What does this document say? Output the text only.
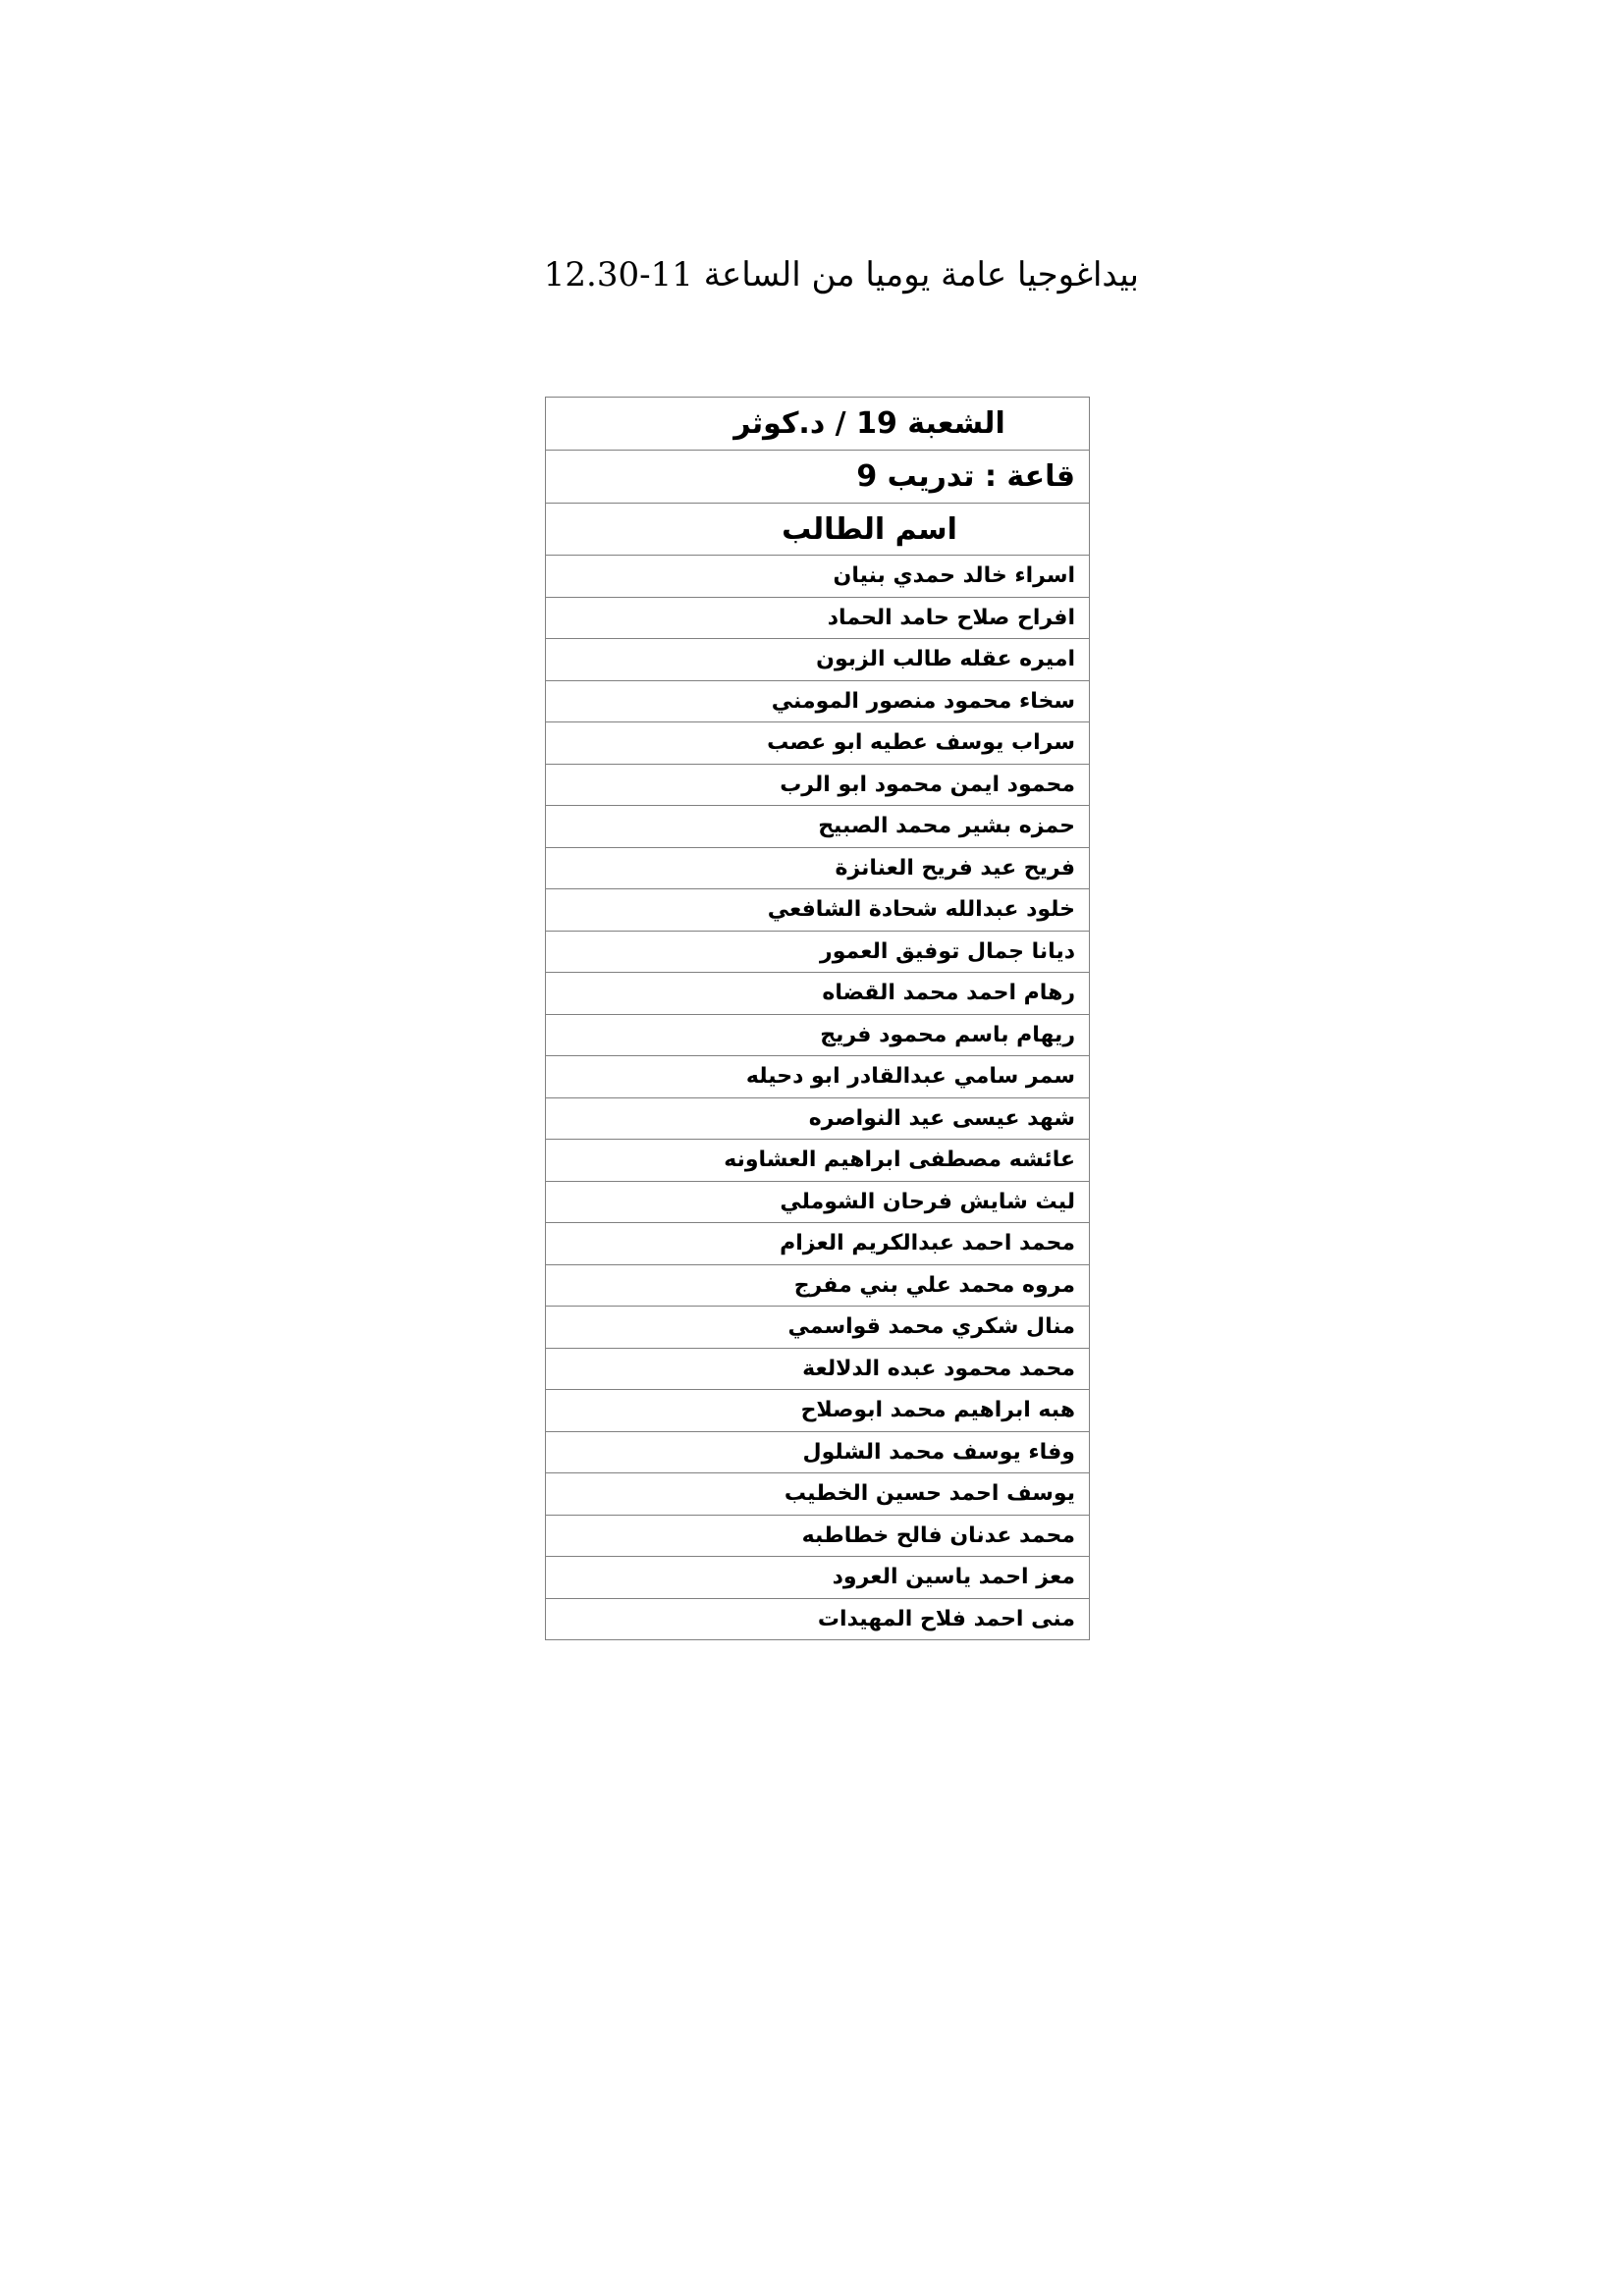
بيداغوجيا عامة يوميا من الساعة 11-12.30
الشعبة 19 / د.كوثر
قاعة : تدريب 9
اسم الطالب
اسراء خالد حمدي بنيان
افراح صلاح حامد الحماد
اميره عقله طالب الزبون
سخاء محمود منصور المومني
سراب يوسف عطيه ابو عصب
محمود ايمن محمود ابو الرب
حمزه بشير محمد الصبيح
فريح عيد فريح العنانزة
خلود عبدالله شحادة الشافعي
ديانا جمال توفيق العمور
رهام احمد محمد القضاه
ريهام باسم محمود فريج
سمر سامي عبدالقادر ابو دحيله
شهد عيسى عيد النواصره
عائشه مصطفى ابراهيم العشاونه
ليث شايش فرحان الشوملي
محمد احمد عبدالكريم العزام
مروه محمد علي بني مفرج
منال شكري محمد قواسمي
محمد محمود عبده الدلالعة
هبه ابراهيم محمد ابوصلاح
وفاء يوسف محمد الشلول
يوسف احمد حسين الخطيب
محمد عدنان فالح خطاطبه
معز احمد ياسين العرود
منى احمد فلاح المهيدات
